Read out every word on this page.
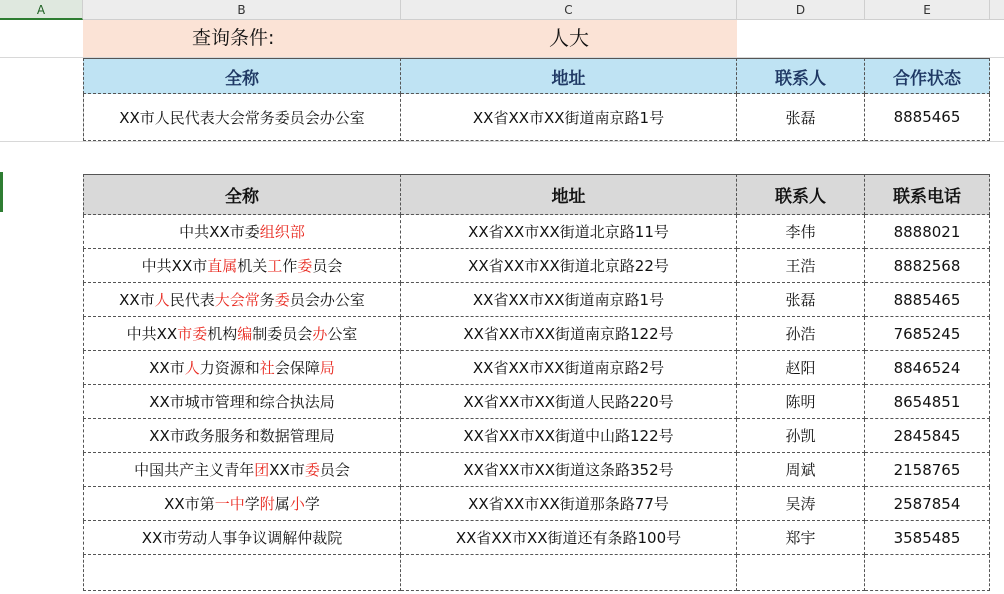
A	B	C	D	E
查询条件:	人大
全称	地址	联系人	合作状态
XX市人民代表大会常务委员会办公室	XX省XX市XX街道南京路1号	张磊	8885465
全称	地址	联系人	联系电话
中 共 X X 市 委 组 织 部	XX省XX市XX街道北京路11号	李伟	8888021
中 共 X X 市 直 属 机 关 工 作 委 员 会	XX省XX市XX街道北京路22号	王浩	8882568
X X 市 人 民 代 表 大 会 常 务 委 员 会 办 公 室	XX省XX市XX街道南京路1号	张磊	8885465
中 共 X X 市 委 机 构 编 制 委 员 会 办 公 室	XX省XX市XX街道南京路122号	孙浩	7685245
X X 市 人 力 资 源 和 社 会 保 障 局	XX省XX市XX街道南京路2号	赵阳	8846524
XX市城市管理和综合执法局	XX省XX市XX街道人民路220号	陈明	8654851
XX市政务服务和数据管理局	XX省XX市XX街道中山路122号	孙凯	2845845
中 国 共 产 主 义 青 年 团 X X 市 委 员 会	XX省XX市XX街道这条路352号	周斌	2158765
X X 市 第 一 中 学 附 属 小 学	XX省XX市XX街道那条路77号	吴涛	2587854
XX市劳动人事争议调解仲裁院	XX省XX市XX街道还有条路100号	郑宇	3585485
